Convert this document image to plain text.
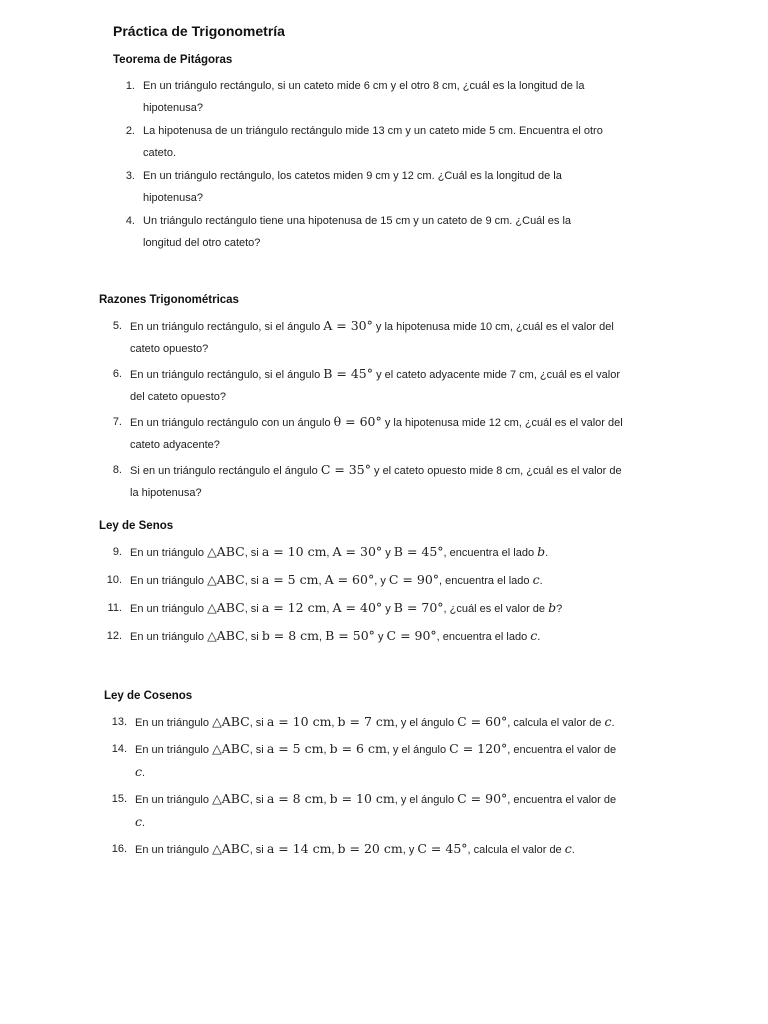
Práctica de Trigonometría
Teorema de Pitágoras
1. En un triángulo rectángulo, si un cateto mide 6 cm y el otro 8 cm, ¿cuál es la longitud de la hipotenusa?
2. La hipotenusa de un triángulo rectángulo mide 13 cm y un cateto mide 5 cm. Encuentra el otro cateto.
3. En un triángulo rectángulo, los catetos miden 9 cm y 12 cm. ¿Cuál es la longitud de la hipotenusa?
4. Un triángulo rectángulo tiene una hipotenusa de 15 cm y un cateto de 9 cm. ¿Cuál es la longitud del otro cateto?
Razones Trigonométricas
5. En un triángulo rectángulo, si el ángulo A = 30° y la hipotenusa mide 10 cm, ¿cuál es el valor del cateto opuesto?
6. En un triángulo rectángulo, si el ángulo B = 45° y el cateto adyacente mide 7 cm, ¿cuál es el valor del cateto opuesto?
7. En un triángulo rectángulo con un ángulo θ = 60° y la hipotenusa mide 12 cm, ¿cuál es el valor del cateto adyacente?
8. Si en un triángulo rectángulo el ángulo C = 35° y el cateto opuesto mide 8 cm, ¿cuál es el valor de la hipotenusa?
Ley de Senos
9. En un triángulo △ABC, si a = 10 cm, A = 30° y B = 45°, encuentra el lado b.
10. En un triángulo △ABC, si a = 5 cm, A = 60°, y C = 90°, encuentra el lado c.
11. En un triángulo △ABC, si a = 12 cm, A = 40° y B = 70°, ¿cuál es el valor de b?
12. En un triángulo △ABC, si b = 8 cm, B = 50° y C = 90°, encuentra el lado c.
Ley de Cosenos
13. En un triángulo △ABC, si a = 10 cm, b = 7 cm, y el ángulo C = 60°, calcula el valor de c.
14. En un triángulo △ABC, si a = 5 cm, b = 6 cm, y el ángulo C = 120°, encuentra el valor de c.
15. En un triángulo △ABC, si a = 8 cm, b = 10 cm, y el ángulo C = 90°, encuentra el valor de c.
16. En un triángulo △ABC, si a = 14 cm, b = 20 cm, y C = 45°, calcula el valor de c.
